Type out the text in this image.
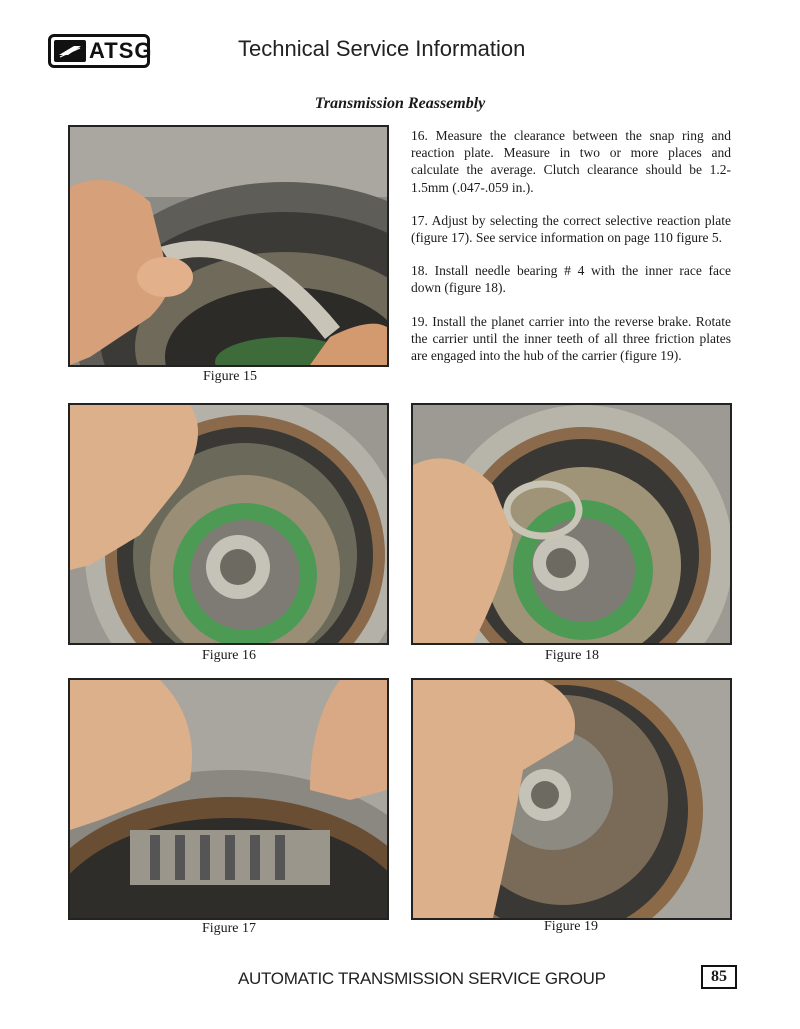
ATSG	Technical Service Information
Transmission Reassembly
Figure 15

16. Measure the clearance between the snap ring and reaction plate. Measure in two or more places and calculate the average. Clutch clearance should be 1.2-1.5mm (.047-.059 in.).

17. Adjust by selecting the correct selective reaction plate (figure 17). See service information on page 110 figure 5.

18. Install needle bearing # 4 with the inner race face down (figure 18).

19. Install the planet carrier into the reverse brake. Rotate the carrier until the inner teeth of all three friction plates are engaged into the hub of the carrier (figure 19).

Figure 16	Figure 18
Figure 17	Figure 19
AUTOMATIC TRANSMISSION SERVICE GROUP	85
